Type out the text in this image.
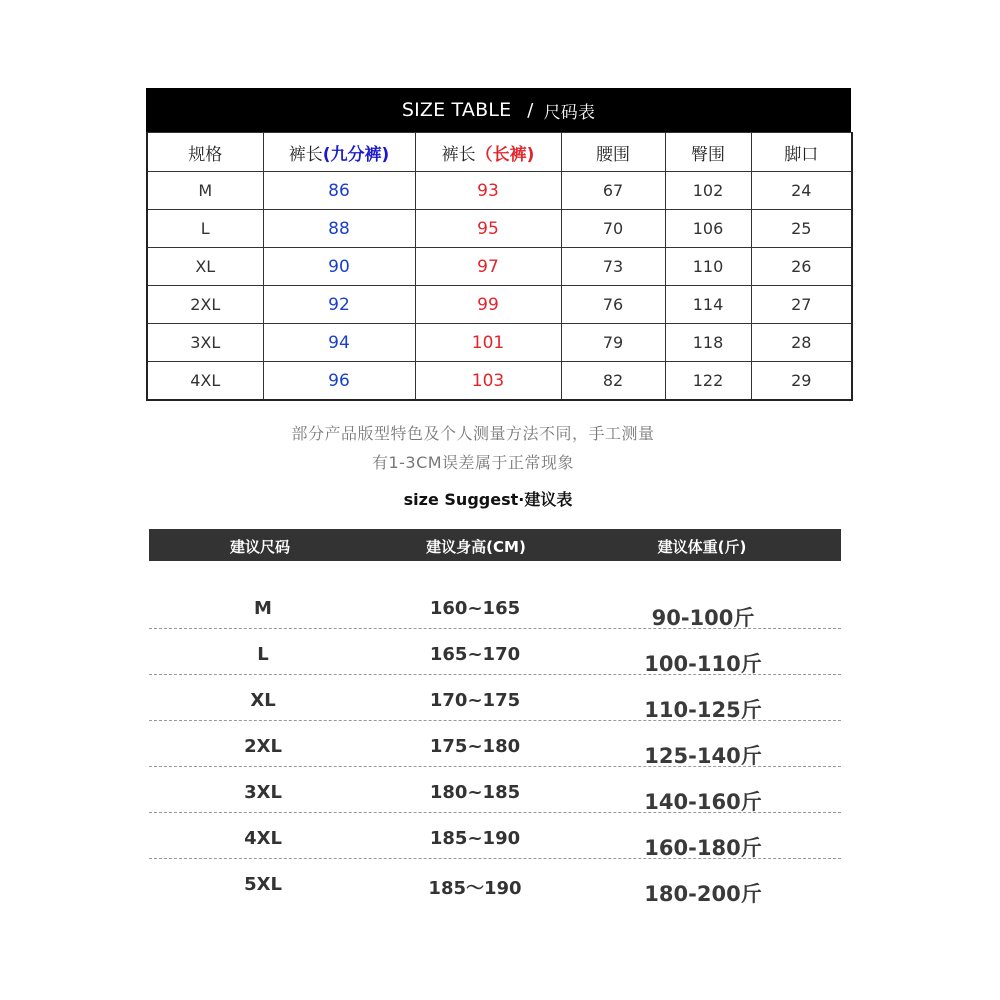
SIZE TABLE / 尺码表
规格	裤长(九分裤)	裤长（长裤)	腰围	臀围	脚口
M	86	93	67	102	24
L	88	95	70	106	25
XL	90	97	73	110	26
2XL	92	99	76	114	27
3XL	94	101	79	118	28
4XL	96	103	82	122	29
部分产品版型特色及个人测量方法不同，手工测量
有1-3CM误差属于正常现象
size Suggest·建议表
建议尺码	建议身高(CM)	建议体重(斤)
M	160~165	90-100斤
L	165~170	100-110斤
XL	170~175	110-125斤
2XL	175~180	125-140斤
3XL	180~185	140-160斤
4XL	185~190	160-180斤
5XL	185～190	180-200斤
